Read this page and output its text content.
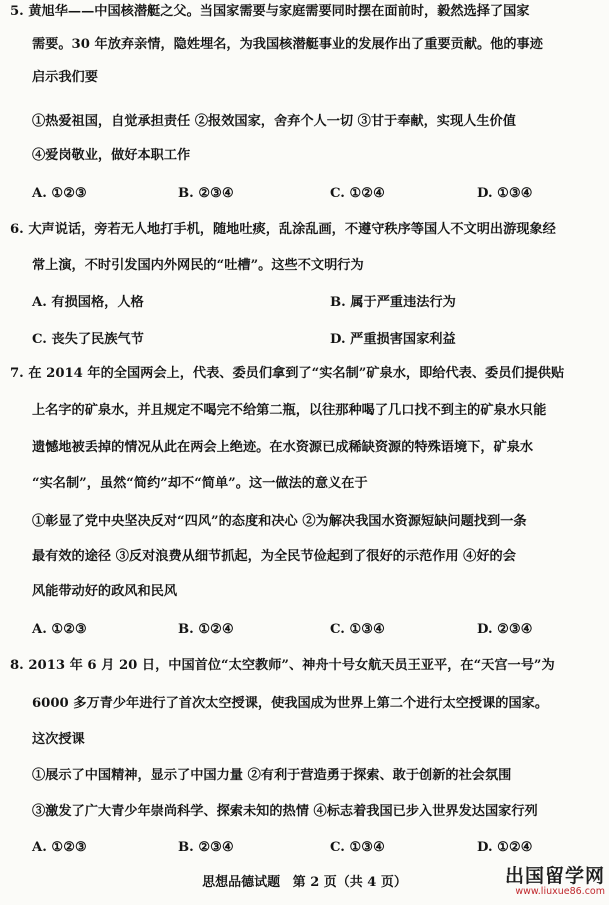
5. 黄旭华——中国核潜艇之父。当国家需要与家庭需要同时摆在面前时，毅然选择了国家
需要。30 年放弃亲情，隐姓埋名，为我国核潜艇事业的发展作出了重要贡献。他的事迹
启示我们要
①热爱祖国，自觉承担责任 ②报效国家，舍弃个人一切 ③甘于奉献，实现人生价值
④爱岗敬业，做好本职工作
A. ①②③	B. ②③④	C. ①②④	D. ①③④
6. 大声说话，旁若无人地打手机，随地吐痰，乱涂乱画，不遵守秩序等国人不文明出游现象经
常上演，不时引发国内外网民的“吐槽”。这些不文明行为
A. 有损国格，人格	B. 属于严重违法行为
C. 丧失了民族气节	D. 严重损害国家利益
7. 在 2014 年的全国两会上，代表、委员们拿到了“实名制”矿泉水，即给代表、委员们提供贴
上名字的矿泉水，并且规定不喝完不给第二瓶，以往那种喝了几口找不到主的矿泉水只能
遗憾地被丢掉的情况从此在两会上绝迹。在水资源已成稀缺资源的特殊语境下，矿泉水
“实名制”，虽然“简约”却不“简单”。这一做法的意义在于
①彰显了党中央坚决反对“四风”的态度和决心 ②为解决我国水资源短缺问题找到一条
最有效的途径 ③反对浪费从细节抓起，为全民节俭起到了很好的示范作用 ④好的会
风能带动好的政风和民风
A. ①②③	B. ①②④	C. ①③④	D. ②③④
8. 2013 年 6 月 20 日，中国首位“太空教师”、神舟十号女航天员王亚平，在“天宫一号”为
6000 多万青少年进行了首次太空授课，使我国成为世界上第二个进行太空授课的国家。
这次授课
①展示了中国精神，显示了中国力量 ②有利于营造勇于探索、敢于创新的社会氛围
③激发了广大青少年崇尚科学、探索未知的热情 ④标志着我国已步入世界发达国家行列
A. ①②③	B. ②③④	C. ①③④	D. ①②④
思想品德试题 第 2 页（共 4 页）	出国留学网
www.liuxue86.com
